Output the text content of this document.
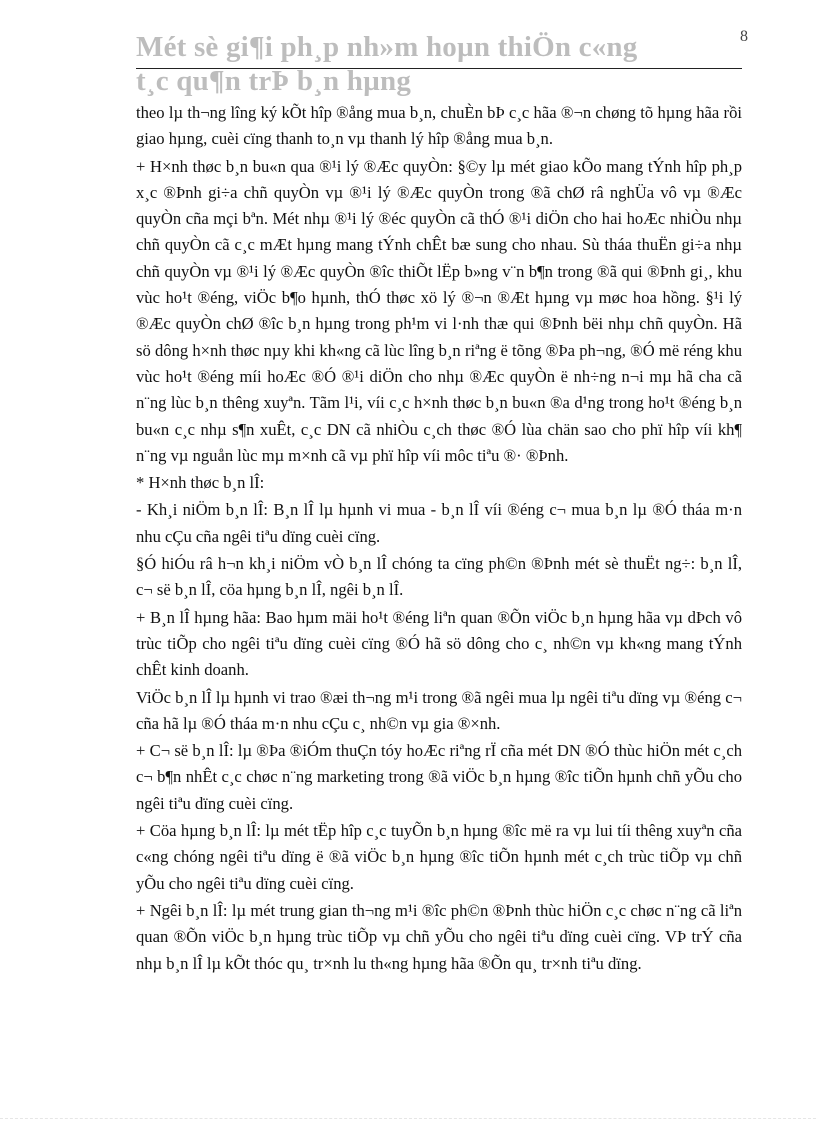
8
Mét sè gi¶i ph¸p nh»m hoµn thiÖn c«ng
t¸c qu¶n trÞ b¸n hµng

theo lµ th¬ng lîng ký kÕt hîp ®ång mua b¸n, chuÈn bÞ c¸c hãa ®¬n chøng tõ hµng hãa rồi giao hµng, cuèi cïng thanh to¸n vµ thanh lý hîp ®ång mua b¸n.

+ H×nh thøc b¸n bu«n qua ®¹i lý ®Æc quyÒn: §©y lµ mét giao kÕo mang tÝnh hîp ph¸p x¸c ®Þnh gi÷a chñ quyÒn vµ ®¹i lý ®Æc quyÒn trong ®ã chØ râ nghÜa vô vµ ®Æc quyÒn cña mçi bªn. Mét nhµ ®¹i lý ®éc quyÒn cã thÓ ®¹i diÖn cho hai hoÆc nhiÒu nhµ chñ quyÒn cã c¸c mÆt hµng mang tÝnh chÊt bæ sung cho nhau. Sù tháa thuËn gi÷a nhµ chñ quyÒn vµ ®¹i lý ®Æc quyÒn ®îc thiÕt lËp b»ng v¨n b¶n trong ®ã qui ®Þnh gi¸, khu vùc ho¹t ®éng, viÖc b¶o hµnh, thÓ thøc xö lý ®¬n ®Æt hµng vµ møc hoa hồng. §¹i lý ®Æc quyÒn chØ ®îc b¸n hµng trong ph¹m vi l·nh thæ qui ®Þnh bëi nhµ chñ quyÒn. Hã sö dông h×nh thøc nµy khi kh«ng cã lùc lîng b¸n riªng ë tõng ®Þa ph¬ng, ®Ó më réng khu vùc ho¹t ®éng míi hoÆc ®Ó ®¹i diÖn cho nhµ ®Æc quyÒn ë nh÷ng n¬i mµ hã cha cã n¨ng lùc b¸n thêng xuyªn. Tãm l¹i, víi c¸c h×nh thøc b¸n bu«n ®a d¹ng trong ho¹t ®éng b¸n bu«n c¸c nhµ s¶n xuÊt, c¸c DN cã nhiÒu c¸ch thøc ®Ó lùa chän sao cho phï hîp víi kh¶ n¨ng vµ nguån lùc mµ m×nh cã vµ phï hîp víi môc tiªu ®· ®Þnh.

* H×nh thøc b¸n lÎ:

- Kh¸i niÖm b¸n lÎ: B¸n lÎ lµ hµnh vi mua - b¸n lÎ víi ®éng c¬ mua b¸n lµ ®Ó tháa m·n nhu cÇu cña ngêi tiªu dïng cuèi cïng.

§Ó hiÓu râ h¬n kh¸i niÖm vÒ b¸n lÎ chóng ta cïng ph©n ®Þnh mét sè thuËt ng÷: b¸n lÎ, c¬ së b¸n lÎ, cöa hµng b¸n lÎ, ngêi b¸n lÎ.

+ B¸n lÎ hµng hãa: Bao hµm mäi ho¹t ®éng liªn quan ®Õn viÖc b¸n hµng hãa vµ dÞch vô trùc tiÕp cho ngêi tiªu dïng cuèi cïng ®Ó hã sö dông cho c¸ nh©n vµ kh«ng mang tÝnh chÊt kinh doanh.

ViÖc b¸n lÎ lµ hµnh vi trao ®æi th¬ng m¹i trong ®ã ngêi mua lµ ngêi tiªu dïng vµ ®éng c¬ cña hã lµ ®Ó tháa m·n nhu cÇu c¸ nh©n vµ gia ®×nh.

+ C¬ së b¸n lÎ: lµ ®Þa ®iÓm thuÇn tóy hoÆc riªng rÏ cña mét DN ®Ó thùc hiÖn mét c¸ch c¬ b¶n nhÊt c¸c chøc n¨ng marketing trong ®ã viÖc b¸n hµng ®îc tiÕn hµnh chñ yÕu cho ngêi tiªu dïng cuèi cïng.

+ Cöa hµng b¸n lÎ: lµ mét tËp hîp c¸c tuyÕn b¸n hµng ®îc më ra vµ lui tíi thêng xuyªn cña c«ng chóng ngêi tiªu dïng ë ®ã viÖc b¸n hµng ®îc tiÕn hµnh mét c¸ch trùc tiÕp vµ chñ yÕu cho ngêi tiªu dïng cuèi cïng.

+ Ngêi b¸n lÎ: lµ mét trung gian th¬ng m¹i ®îc ph©n ®Þnh thùc hiÖn c¸c chøc n¨ng cã liªn quan ®Õn viÖc b¸n hµng trùc tiÕp vµ chñ yÕu cho ngêi tiªu dïng cuèi cïng. VÞ trÝ cña nhµ b¸n lÎ lµ kÕt thóc qu¸ tr×nh lu th«ng hµng hãa ®Õn qu¸ tr×nh tiªu dïng.
